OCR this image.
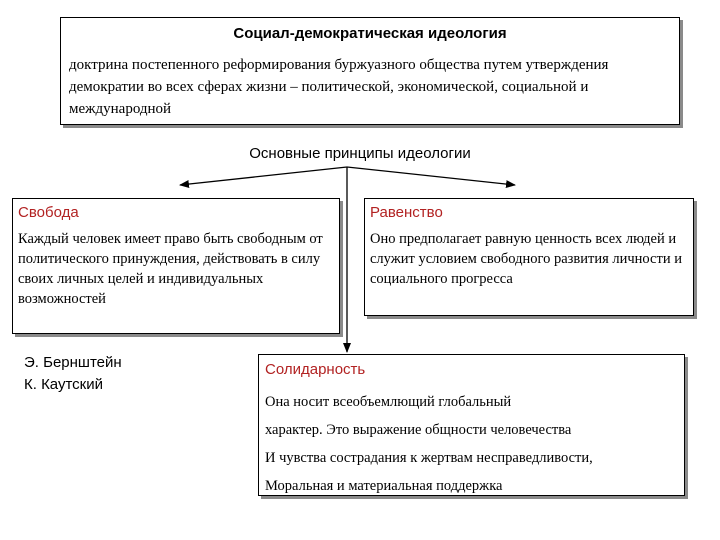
Социал-демократическая идеология
доктрина постепенного реформирования буржуазного общества путем утверждения демократии во всех сферах жизни – политической, экономической, социальной и международной
Основные принципы идеологии
Свобода
Каждый человек имеет право быть свободным от политического принуждения, действовать в силу своих личных целей и индивидуальных возможностей
Равенство
Оно предполагает равную ценность всех людей и служит условием свободного развития личности и социального прогресса
Э. Бернштейн
К. Каутский
Солидарность
Она носит всеобъемлющий глобальный
характер. Это выражение общности человечества
И чувства сострадания к жертвам несправедливости,
Моральная и материальная поддержка
